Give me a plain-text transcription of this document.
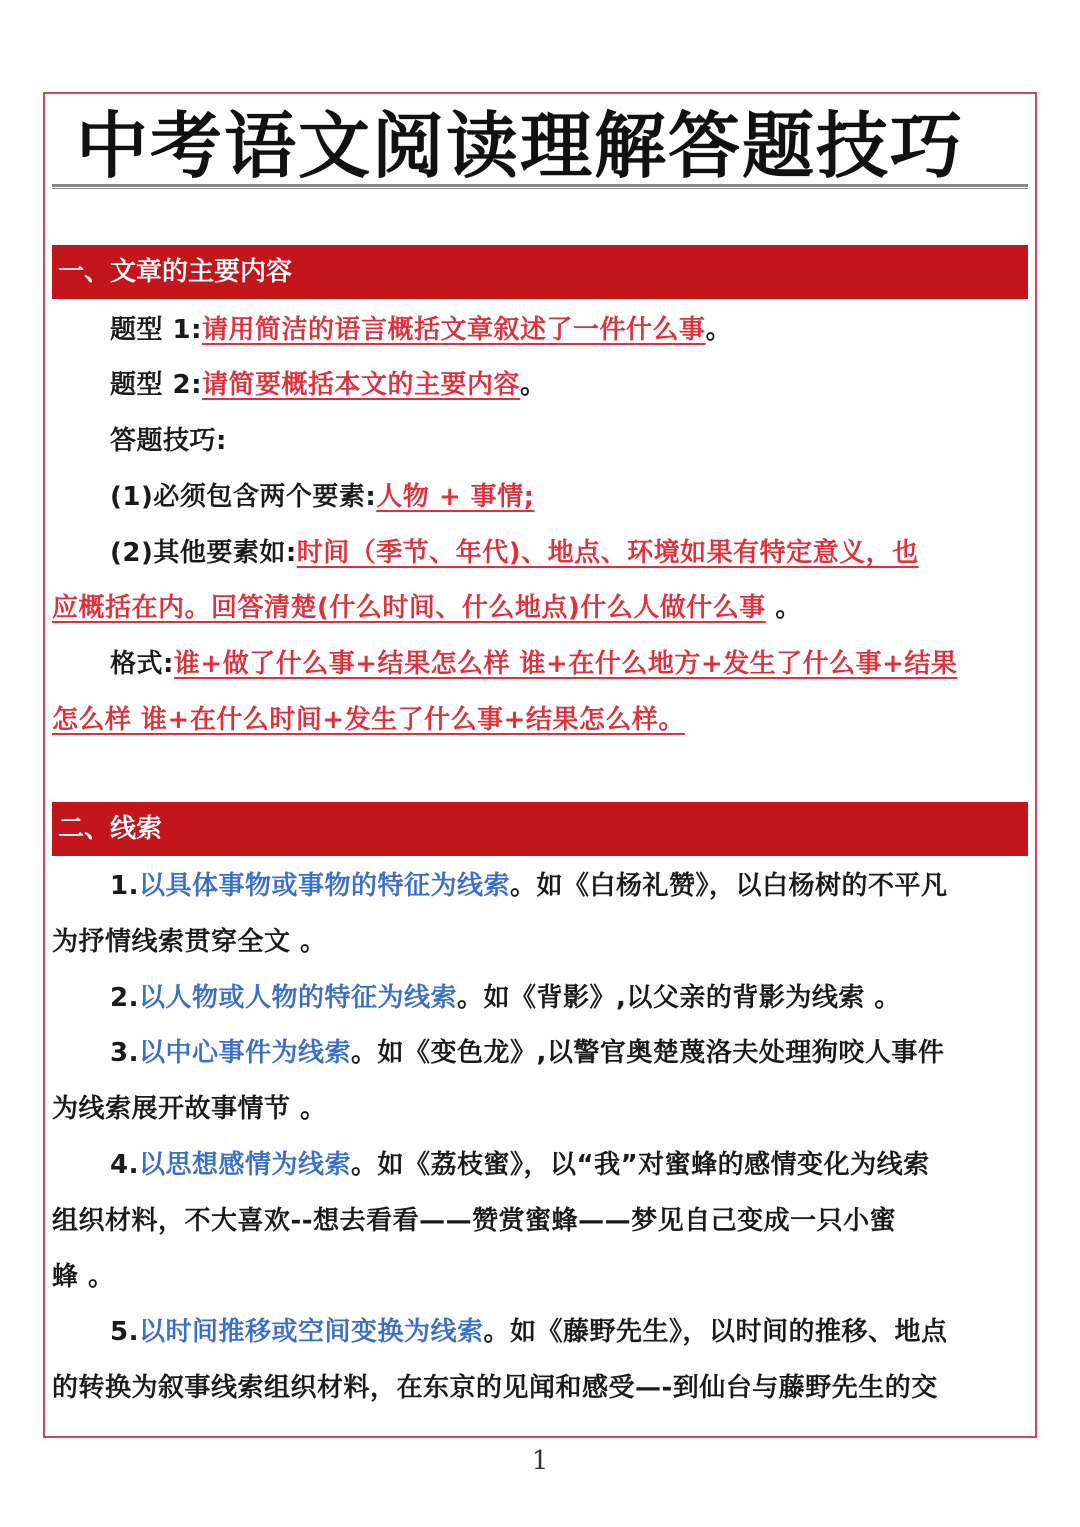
中考语文阅读理解答题技巧
一、文章的主要内容
题型 1:请用简洁的语言概括文章叙述了一件什么事。
题型 2:请简要概括本文的主要内容。
答题技巧:
(1)必须包含两个要素:人物 + 事情;
(2)其他要素如:时间（季节、年代)、地点、环境如果有特定意义，也
应概括在内。回答清楚(什么时间、什么地点)什么人做什么事 。
格式:谁+做了什么事+结果怎么样 谁+在什么地方+发生了什么事+结果
怎么样 谁+在什么时间+发生了什么事+结果怎么样。
二、线索
1.以具体事物或事物的特征为线索。如《白杨礼赞》，以白杨树的不平凡
为抒情线索贯穿全文 。
2.以人物或人物的特征为线索。如《背影》,以父亲的背影为线索 。
3.以中心事件为线索。如《变色龙》,以警官奥楚蔑洛夫处理狗咬人事件
为线索展开故事情节 。
4.以思想感情为线索。如《荔枝蜜》，以“我”对蜜蜂的感情变化为线索
组织材料，不大喜欢--想去看看——赞赏蜜蜂——梦见自己变成一只小蜜
蜂 。
5.以时间推移或空间变换为线索。如《藤野先生》，以时间的推移、地点
的转换为叙事线索组织材料，在东京的见闻和感受—-到仙台与藤野先生的交
1
